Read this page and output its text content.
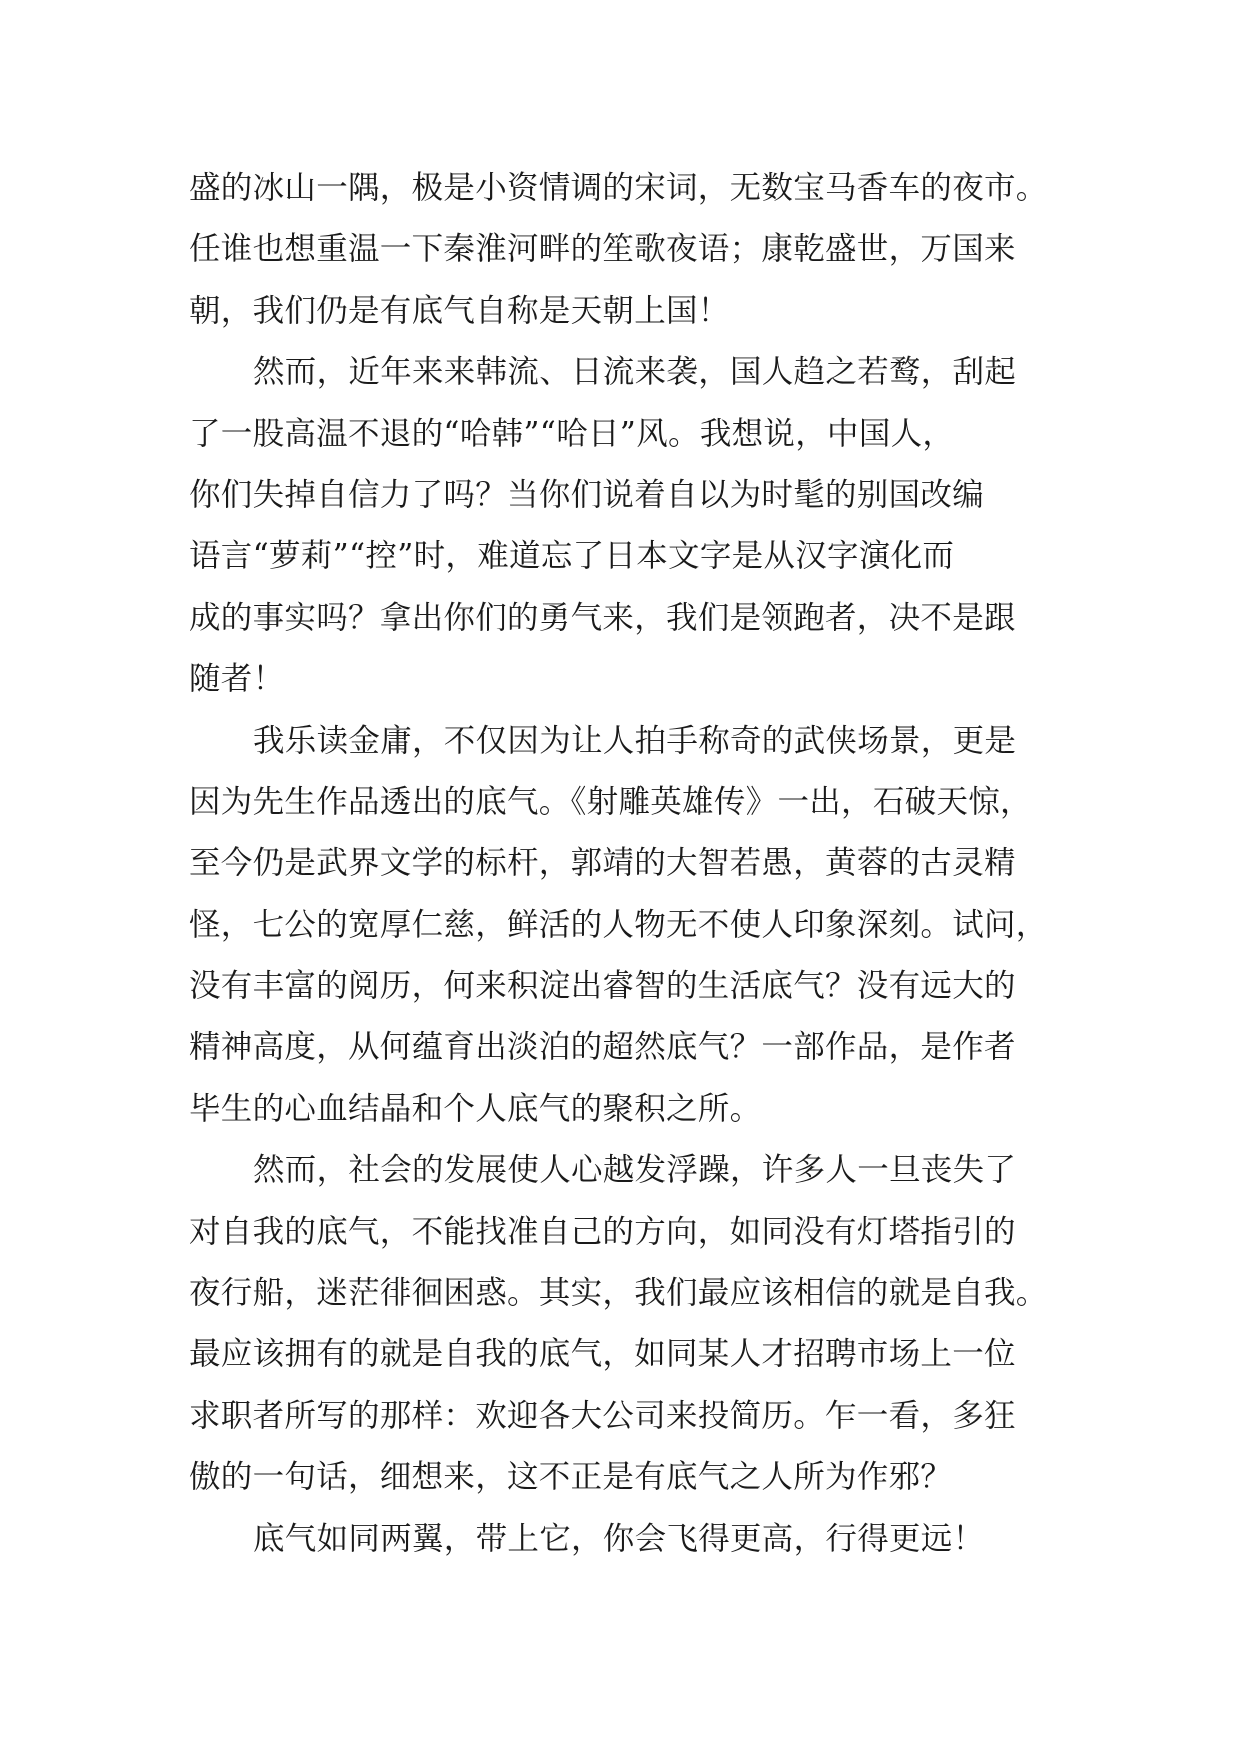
盛的冰山一隅，极是小资情调的宋词，无数宝马香车的夜市。
任谁也想重温一下秦淮河畔的笙歌夜语；康乾盛世，万国来
朝，我们仍是有底气自称是天朝上国！
然而，近年来来韩流、日流来袭，国人趋之若鹜，刮起
了一股高温不退的“哈韩”“哈日”风。我想说，中国人，
你们失掉自信力了吗？当你们说着自以为时髦的别国改编
语言“萝莉”“控”时，难道忘了日本文字是从汉字演化而
成的事实吗？拿出你们的勇气来，我们是领跑者，决不是跟
随者！
我乐读金庸，不仅因为让人拍手称奇的武侠场景，更是
因为先生作品透出的底气。《射雕英雄传》一出，石破天惊，
至今仍是武界文学的标杆，郭靖的大智若愚，黄蓉的古灵精
怪，七公的宽厚仁慈，鲜活的人物无不使人印象深刻。试问，
没有丰富的阅历，何来积淀出睿智的生活底气？没有远大的
精神高度，从何蕴育出淡泊的超然底气？一部作品，是作者
毕生的心血结晶和个人底气的聚积之所。
然而，社会的发展使人心越发浮躁，许多人一旦丧失了
对自我的底气，不能找准自己的方向，如同没有灯塔指引的
夜行船，迷茫徘徊困惑。其实，我们最应该相信的就是自我。
最应该拥有的就是自我的底气，如同某人才招聘市场上一位
求职者所写的那样：欢迎各大公司来投简历。乍一看，多狂
傲的一句话，细想来，这不正是有底气之人所为作邪？
底气如同两翼，带上它，你会飞得更高，行得更远！
